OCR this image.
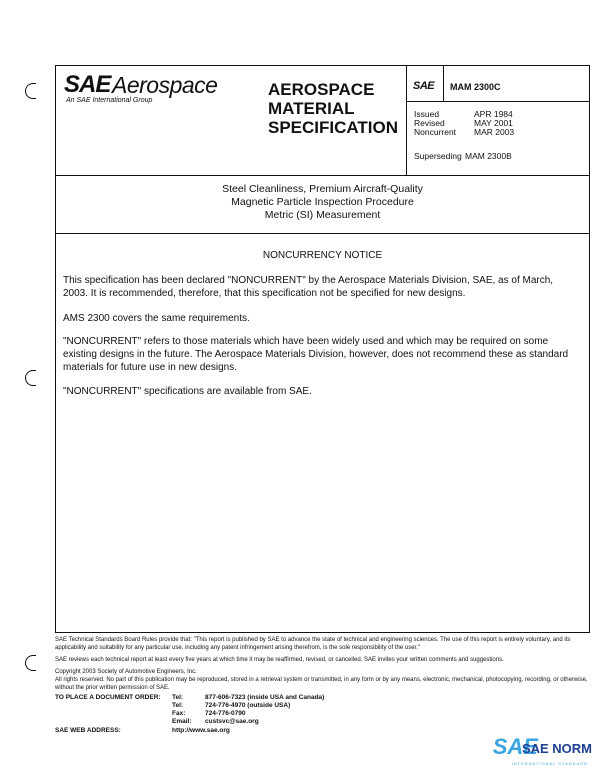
SAE Aerospace
An SAE International Group
AEROSPACE
MATERIAL
SPECIFICATION
SAE MAM 2300C
Issued	APR 1984
Revised	MAY 2001
Noncurrent MAR 2003
Superseding MAM 2300B
Steel Cleanliness, Premium Aircraft-Quality
Magnetic Particle Inspection Procedure
Metric (SI) Measurement
NONCURRENCY NOTICE
This specification has been declared "NONCURRENT" by the Aerospace Materials Division, SAE, as of March, 2003. It is recommended, therefore, that this specification not be specified for new designs.
AMS 2300 covers the same requirements.
"NONCURRENT" refers to those materials which have been widely used and which may be required on some existing designs in the future. The Aerospace Materials Division, however, does not recommend these as standard materials for future use in new designs.
"NONCURRENT" specifications are available from SAE.
SAE Technical Standards Board Rules provide that: "This report is published by SAE to advance the state of technical and engineering sciences. The use of this report is entirely voluntary, and its applicability and suitability for any particular use, including any patent infringement arising therefrom, is the sole responsibility of the user."
SAE reviews each technical report at least every five years at which time it may be reaffirmed, revised, or cancelled. SAE invites your written comments and suggestions.
Copyright 2003 Society of Automotive Engineers, Inc.
All rights reserved. No part of this publication may be reproduced, stored in a retrieval system or transmitted, in any form or by any means, electronic, mechanical, photocopying, recording, or otherwise, without the prior written permission of SAE.
TO PLACE A DOCUMENT ORDER: Tel:	877-606-7323 (inside USA and Canada)
Tel:	724-776-4970 (outside USA)
Fax:	724-776-0790
Email: custsvc@sae.org
SAE WEB ADDRESS:	http://www.sae.org
SAE
SAE NORM
INTERNATIONAL STANDARD
